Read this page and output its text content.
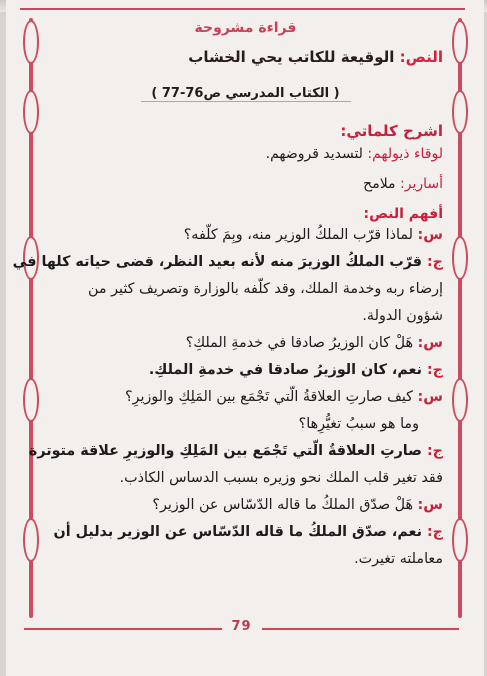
قراءة مشروحة
النص: الوقيعة للكاتب يحي الخشاب
( الكتاب المدرسي ص76-77 )
اشرح كلماتي:
لوقاء ذيولهم: لتسديد قروضهم.
أسارير: ملامح
أفهم النص:
س: لماذا قرّب الملكُ الوزير منه، وبِمَ كلّفه؟
ج: قرّب الملكُ الوزيرَ منه لأنه بعيد النظر، قضى حياته كلها في
إرضاء ربه وخدمة الملك، وقد كلّفه بالوزارة وتصريف كثير من
شؤون الدولة.
س: هَلْ كان الوزيرُ صادقا في خدمةِ الملكِ؟
ج: نعم، كان الوزيرُ صادقا في خدمةِ الملكِ.
س: كيف صارتِ العلاقةُ الّتي تَجْمَع بين المَلِكِ والوزيرِ؟
وما هو سببُ تغيُّرِها؟
ج: صارتِ العلاقةُ الّتي تَجْمَع بين المَلِكِ والوزيرِ علاقة متوترة
فقد تغير قلب الملك نحو وزيره بسبب الدساس الكاذب.
س: هَلْ صدّق الملكُ ما قاله الدّسّاس عن الوزير؟
ج: نعم، صدّق الملكُ ما قاله الدّسّاس عن الوزير بدليل أن
معاملته تغيرت.
79
